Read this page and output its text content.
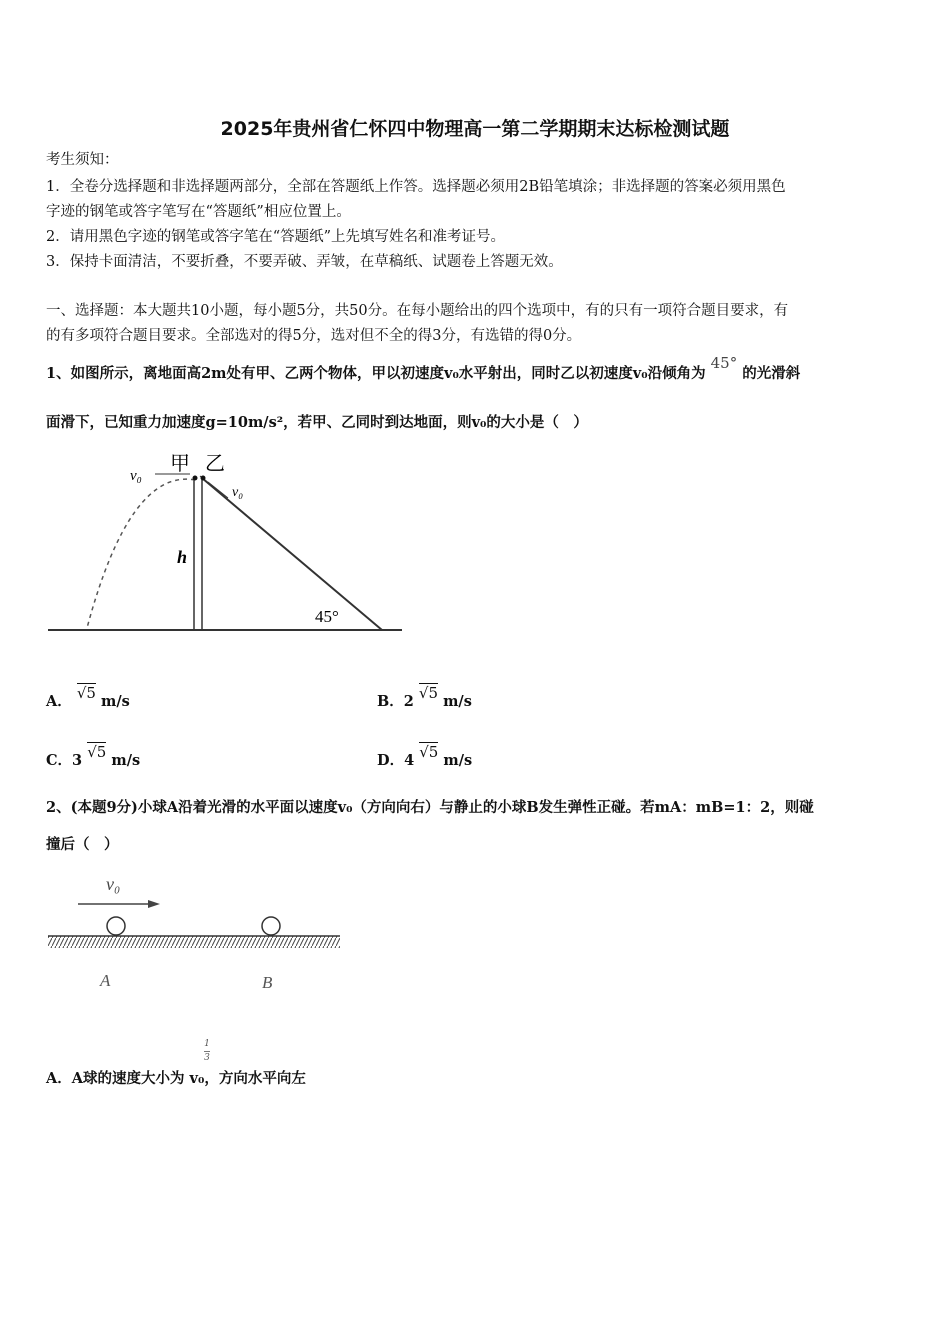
2025年贵州省仁怀四中物理高一第二学期期末达标检测试题
考生须知：
1．全卷分选择题和非选择题两部分，全部在答题纸上作答。选择题必须用2B铅笔填涂；非选择题的答案必须用黑色
字迹的钢笔或答字笔写在“答题纸”相应位置上。
2．请用黑色字迹的钢笔或答字笔在“答题纸”上先填写姓名和准考证号。
3．保持卡面清洁，不要折叠，不要弄破、弄皱，在草稿纸、试题卷上答题无效。
一、选择题：本大题共10小题，每小题5分，共50分。在每小题给出的四个选项中，有的只有一项符合题目要求，有
的有多项符合题目要求。全部选对的得5分，选对但不全的得3分，有选错的得0分。
1、如图所示，离地面高2m处有甲、乙两个物体，甲以初速度v₀水平射出，同时乙以初速度v₀沿倾角为 45° 的光滑斜
面滑下，已知重力加速度g=10m/s²，若甲、乙同时到达地面，则v₀的大小是（　）
甲 乙
v₀
v₀
h
45°
A． √5 m/s	B．2 √5 m/s
C．3 √5 m/s	D．4 √5 m/s
2、(本题9分)小球A沿着光滑的水平面以速度v₀（方向向右）与静止的小球B发生弹性正碰。若mA：mB=1：2，则碰
撞后（　）
v₀
A	B
1
3
A．A球的速度大小为 v₀，方向水平向左
